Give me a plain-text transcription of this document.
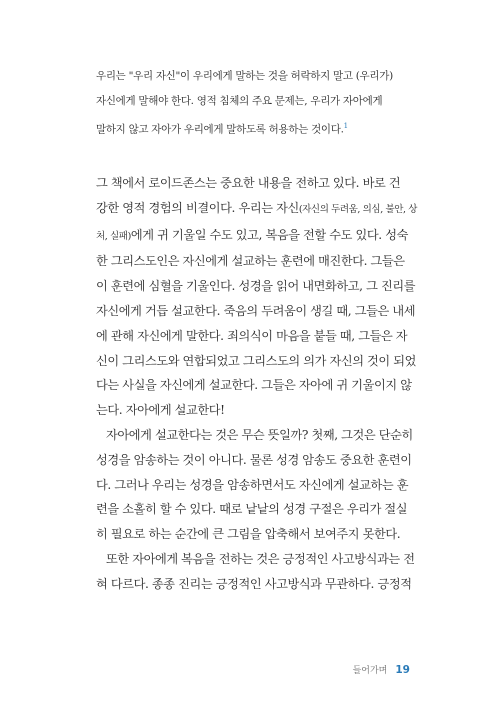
우리는 "우리 자신"이 우리에게 말하는 것을 허락하지 말고 (우리가)
자신에게 말해야 한다. 영적 침체의 주요 문제는, 우리가 자아에게
말하지 않고 자아가 우리에게 말하도록 허용하는 것이다.$^1$
그 책에서 로이드존스는 중요한 내용을 전하고 있다. 바로 건
강한 영적 경험의 비결이다. 우리는 자신(자신의 두려움, 의심, 불안, 상
처, 실패)에게 귀 기울일 수도 있고, 복음을 전할 수도 있다. 성숙
한 그리스도인은 자신에게 설교하는 훈련에 매진한다. 그들은
이 훈련에 심혈을 기울인다. 성경을 읽어 내면화하고, 그 진리를
자신에게 거듭 설교한다. 죽음의 두려움이 생길 때, 그들은 내세
에 관해 자신에게 말한다. 죄의식이 마음을 붙들 때, 그들은 자
신이 그리스도와 연합되었고 그리스도의 의가 자신의 것이 되었
다는 사실을 자신에게 설교한다. 그들은 자아에 귀 기울이지 않
는다. 자아에게 설교한다!
자아에게 설교한다는 것은 무슨 뜻일까? 첫째, 그것은 단순히
성경을 암송하는 것이 아니다. 물론 성경 암송도 중요한 훈련이
다. 그러나 우리는 성경을 암송하면서도 자신에게 설교하는 훈
련을 소홀히 할 수 있다. 때로 낱낱의 성경 구절은 우리가 절실
히 필요로 하는 순간에 큰 그림을 압축해서 보여주지 못한다.
또한 자아에게 복음을 전하는 것은 긍정적인 사고방식과는 전
혀 다르다. 종종 진리는 긍정적인 사고방식과 무관하다. 긍정적
들어가며 19
